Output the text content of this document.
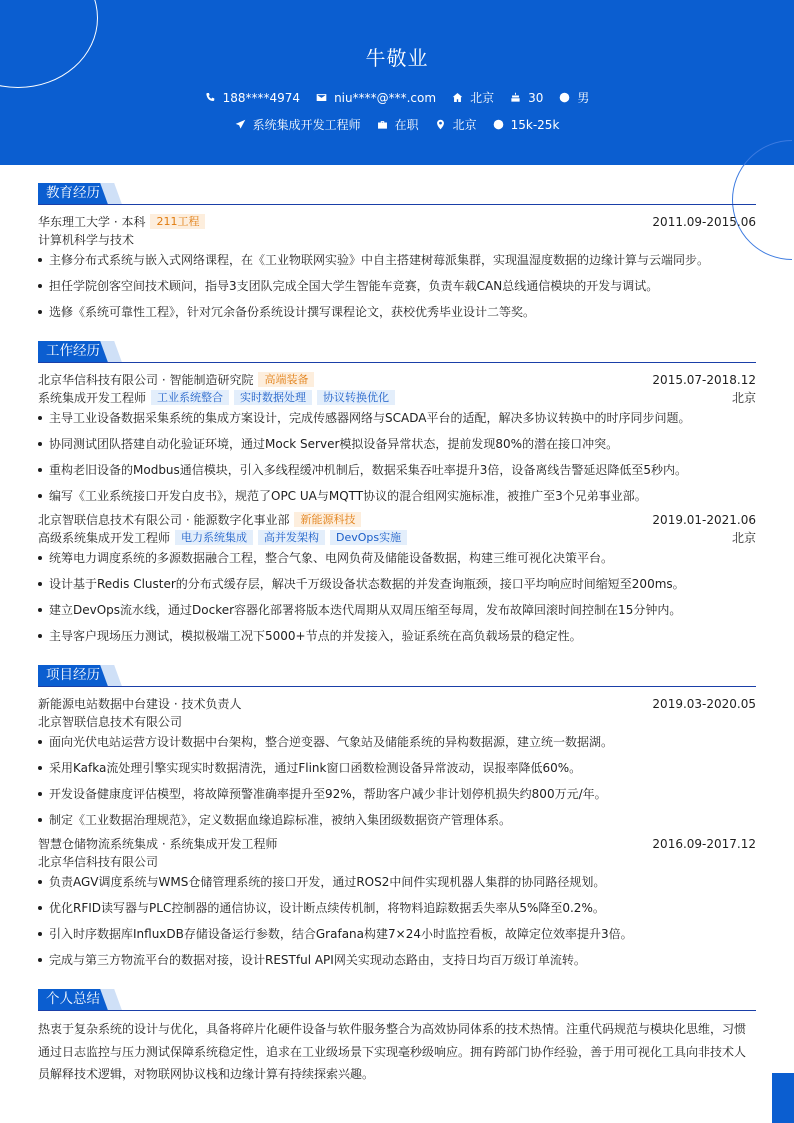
牛敬业
188****4974	niu****@***.com	北京	30	男
系统集成开发工程师	在职	北京	15k-25k
教育经历
华东理工大学 · 本科 211工程	2011.09-2015.06
计算机科学与技术
主修分布式系统与嵌入式网络课程，在《工业物联网实验》中自主搭建树莓派集群，实现温湿度数据的边缘计算与云端同步。
担任学院创客空间技术顾问，指导3支团队完成全国大学生智能车竞赛，负责车载CAN总线通信模块的开发与调试。
选修《系统可靠性工程》，针对冗余备份系统设计撰写课程论文，获校优秀毕业设计二等奖。
工作经历
北京华信科技有限公司 · 智能制造研究院 高端装备	2015.07-2018.12
系统集成开发工程师 工业系统整合 实时数据处理 协议转换优化	北京
主导工业设备数据采集系统的集成方案设计，完成传感器网络与SCADA平台的适配，解决多协议转换中的时序同步问题。
协同测试团队搭建自动化验证环境，通过Mock Server模拟设备异常状态，提前发现80%的潜在接口冲突。
重构老旧设备的Modbus通信模块，引入多线程缓冲机制后，数据采集吞吐率提升3倍，设备离线告警延迟降低至5秒内。
编写《工业系统接口开发白皮书》，规范了OPC UA与MQTT协议的混合组网实施标准，被推广至3个兄弟事业部。
北京智联信息技术有限公司 · 能源数字化事业部 新能源科技	2019.01-2021.06
高级系统集成开发工程师 电力系统集成 高并发架构 DevOps实施	北京
统筹电力调度系统的多源数据融合工程，整合气象、电网负荷及储能设备数据，构建三维可视化决策平台。
设计基于Redis Cluster的分布式缓存层，解决千万级设备状态数据的并发查询瓶颈，接口平均响应时间缩短至200ms。
建立DevOps流水线，通过Docker容器化部署将版本迭代周期从双周压缩至每周，发布故障回滚时间控制在15分钟内。
主导客户现场压力测试，模拟极端工况下5000+节点的并发接入，验证系统在高负载场景的稳定性。
项目经历
新能源电站数据中台建设 · 技术负责人	2019.03-2020.05
北京智联信息技术有限公司
面向光伏电站运营方设计数据中台架构，整合逆变器、气象站及储能系统的异构数据源，建立统一数据湖。
采用Kafka流处理引擎实现实时数据清洗，通过Flink窗口函数检测设备异常波动，误报率降低60%。
开发设备健康度评估模型，将故障预警准确率提升至92%，帮助客户减少非计划停机损失约800万元/年。
制定《工业数据治理规范》，定义数据血缘追踪标准，被纳入集团级数据资产管理体系。
智慧仓储物流系统集成 · 系统集成开发工程师	2016.09-2017.12
北京华信科技有限公司
负责AGV调度系统与WMS仓储管理系统的接口开发，通过ROS2中间件实现机器人集群的协同路径规划。
优化RFID读写器与PLC控制器的通信协议，设计断点续传机制，将物料追踪数据丢失率从5%降至0.2%。
引入时序数据库InfluxDB存储设备运行参数，结合Grafana构建7×24小时监控看板，故障定位效率提升3倍。
完成与第三方物流平台的数据对接，设计RESTful API网关实现动态路由，支持日均百万级订单流转。
个人总结
热衷于复杂系统的设计与优化，具备将碎片化硬件设备与软件服务整合为高效协同体系的技术热情。注重代码规范与模块化思维，习惯通过日志监控与压力测试保障系统稳定性，追求在工业级场景下实现毫秒级响应。拥有跨部门协作经验，善于用可视化工具向非技术人员解释技术逻辑，对物联网协议栈和边缘计算有持续探索兴趣。
